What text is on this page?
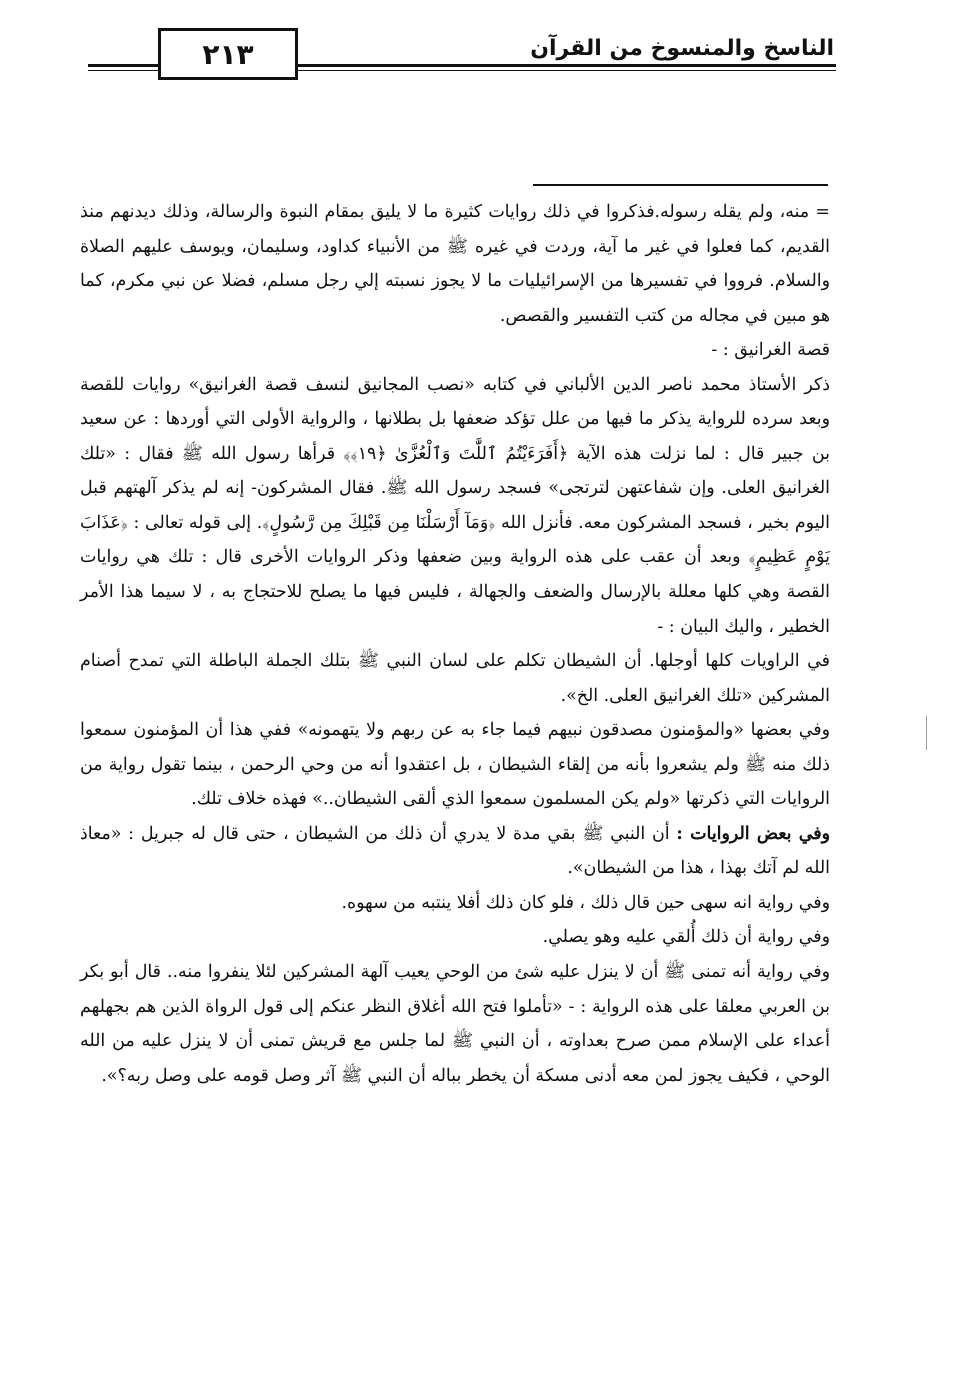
الناسخ والمنسوخ من القرآن
٢١٣

= منه، ولم يقله رسوله.فذكروا في ذلك روايات كثيرة ما لا يليق بمقام النبوة والرسالة، وذلك ديدنهم منذ القديم، كما فعلوا في غير ما آية، وردت في غيره ﷺ من الأنبياء كداود، وسليمان، ويوسف عليهم الصلاة والسلام. فرووا في تفسيرها من الإسرائيليات ما لا يجوز نسبته إلي رجل مسلم، فضلا عن نبي مكرم، كما هو مبين في مجاله من كتب التفسير والقصص.

قصة الغرانيق : -

ذكر الأستاذ محمد ناصر الدين الألباني في كتابه «نصب المجانيق لنسف قصة الغرانيق» روايات للقصة وبعد سرده للرواية يذكر ما فيها من علل تؤكد ضعفها بل بطلانها ، والرواية الأولى التي أوردها : عن سعيد بن جبير قال : لما نزلت هذه الآية ﴿أَفَرَءَيْتُمُ ٱللَّٰتَ وَٱلْعُزَّىٰ ﴿١٩﴾﴾ قرأها رسول الله ﷺ فقال : «تلك الغرانيق العلى. وإن شفاعتهن لترتجى» فسجد رسول الله ﷺ. فقال المشركون- إنه لم يذكر آلهتهم قبل اليوم بخير ، فسجد المشركون معه. فأنزل الله ﴿وَمَآ أَرْسَلْنَا مِن قَبْلِكَ مِن رَّسُولٍ﴾. إلى قوله تعالى : ﴿عَذَابَ يَوْمٍ عَظِيمٍ﴾ وبعد أن عقب على هذه الرواية وبين ضعفها وذكر الروايات الأخرى قال : تلك هي روايات القصة وهي كلها معللة بالإرسال والضعف والجهالة ، فليس فيها ما يصلح للاحتجاج به ، لا سيما هذا الأمر الخطير ، واليك البيان : -

في الراويات كلها أوجلها. أن الشيطان تكلم على لسان النبي ﷺ بتلك الجملة الباطلة التي تمدح أصنام المشركين «تلك الغرانيق العلى. الخ».

وفي بعضها «والمؤمنون مصدقون نبيهم فيما جاء به عن ربهم ولا يتهمونه» ففي هذا أن المؤمنون سمعوا ذلك منه ﷺ ولم يشعروا بأنه من إلقاء الشيطان ، بل اعتقدوا أنه من وحي الرحمن ، بينما تقول رواية من الروايات التي ذكرتها «ولم يكن المسلمون سمعوا الذي ألقى الشيطان..» فهذه خلاف تلك.

وفي بعض الروايات : أن النبي ﷺ بقي مدة لا يدري أن ذلك من الشيطان ، حتى قال له جبريل : «معاذ الله لم آتك بهذا ، هذا من الشيطان».

وفي رواية انه سهى حين قال ذلك ، فلو كان ذلك أفلا ينتبه من سهوه.

وفي رواية أن ذلك أُلقي عليه وهو يصلي.

وفي رواية أنه تمنى ﷺ أن لا ينزل عليه شئ من الوحي يعيب آلهة المشركين لئلا ينفروا منه.. قال أبو بكر بن العربي معلقا على هذه الرواية : - «تأملوا فتح الله أغلاق النظر عنكم إلى قول الرواة الذين هم بجهلهم أعداء على الإسلام ممن صرح بعداوته ، أن النبي ﷺ لما جلس مع قريش تمنى أن لا ينزل عليه من الله الوحي ، فكيف يجوز لمن معه أدنى مسكة أن يخطر بباله أن النبي ﷺ آثر وصل قومه على وصل ربه؟».
